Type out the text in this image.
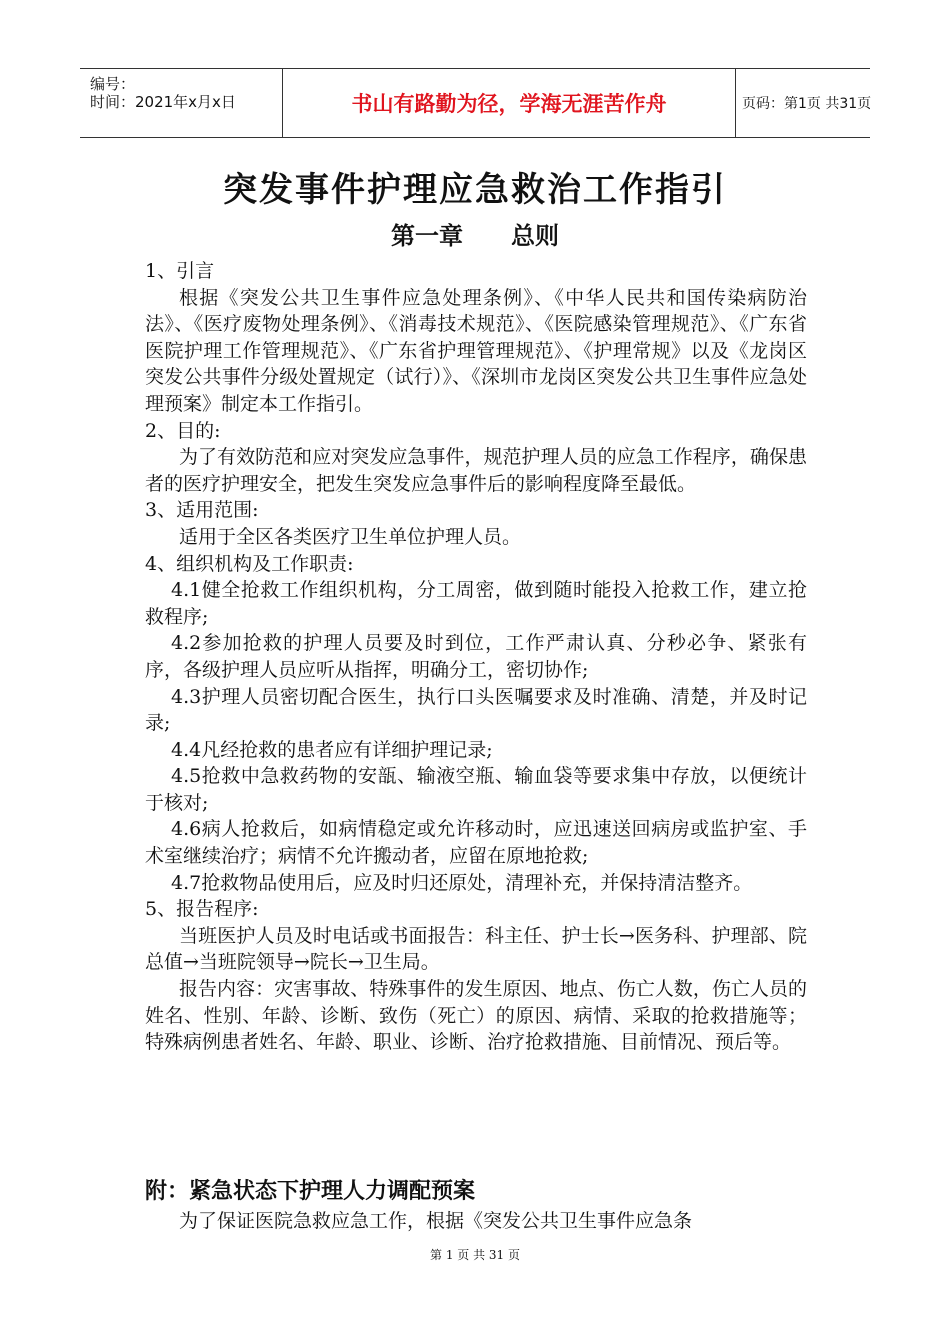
编号：
时间：2021年x月x日	书山有路勤为径，学海无涯苦作舟	页码：第1页 共31页
突发事件护理应急救治工作指引
第一章 总则

1、引言

根据《突发公共卫生事件应急处理条例》、《中华人民共和国传染病防治法》、《医疗废物处理条例》、《消毒技术规范》、《医院感染管理规范》、《广东省医院护理工作管理规范》、《广东省护理管理规范》、《护理常规》以及《龙岗区突发公共事件分级处置规定（试行）》、《深圳市龙岗区突发公共卫生事件应急处理预案》制定本工作指引。

2、目的:

为了有效防范和应对突发应急事件，规范护理人员的应急工作程序，确保患者的医疗护理安全，把发生突发应急事件后的影响程度降至最低。

3、适用范围:

适用于全区各类医疗卫生单位护理人员。

4、组织机构及工作职责:

4.1健全抢救工作组织机构，分工周密，做到随时能投入抢救工作，建立抢救程序;

4.2参加抢救的护理人员要及时到位，工作严肃认真、分秒必争、紧张有序，各级护理人员应听从指挥，明确分工，密切协作;

4.3护理人员密切配合医生，执行口头医嘱要求及时准确、清楚，并及时记录;

4.4凡经抢救的患者应有详细护理记录;

4.5抢救中急救药物的安瓿、输液空瓶、输血袋等要求集中存放，以便统计于核对;

4.6病人抢救后，如病情稳定或允许移动时，应迅速送回病房或监护室、手术室继续治疗；病情不允许搬动者，应留在原地抢救;

4.7抢救物品使用后，应及时归还原处，清理补充，并保持清洁整齐。

5、报告程序:

当班医护人员及时电话或书面报告：科主任、护士长→医务科、护理部、院总值→当班院领导→院长→卫生局。

报告内容：灾害事故、特殊事件的发生原因、地点、伤亡人数，伤亡人员的姓名、性别、年龄、诊断、致伤（死亡）的原因、病情、采取的抢救措施等；特殊病例患者姓名、年龄、职业、诊断、治疗抢救措施、目前情况、预后等。

附：紧急状态下护理人力调配预案
为了保证医院急救应急工作，根据《突发公共卫生事件应急条
第 1 页 共 31 页
